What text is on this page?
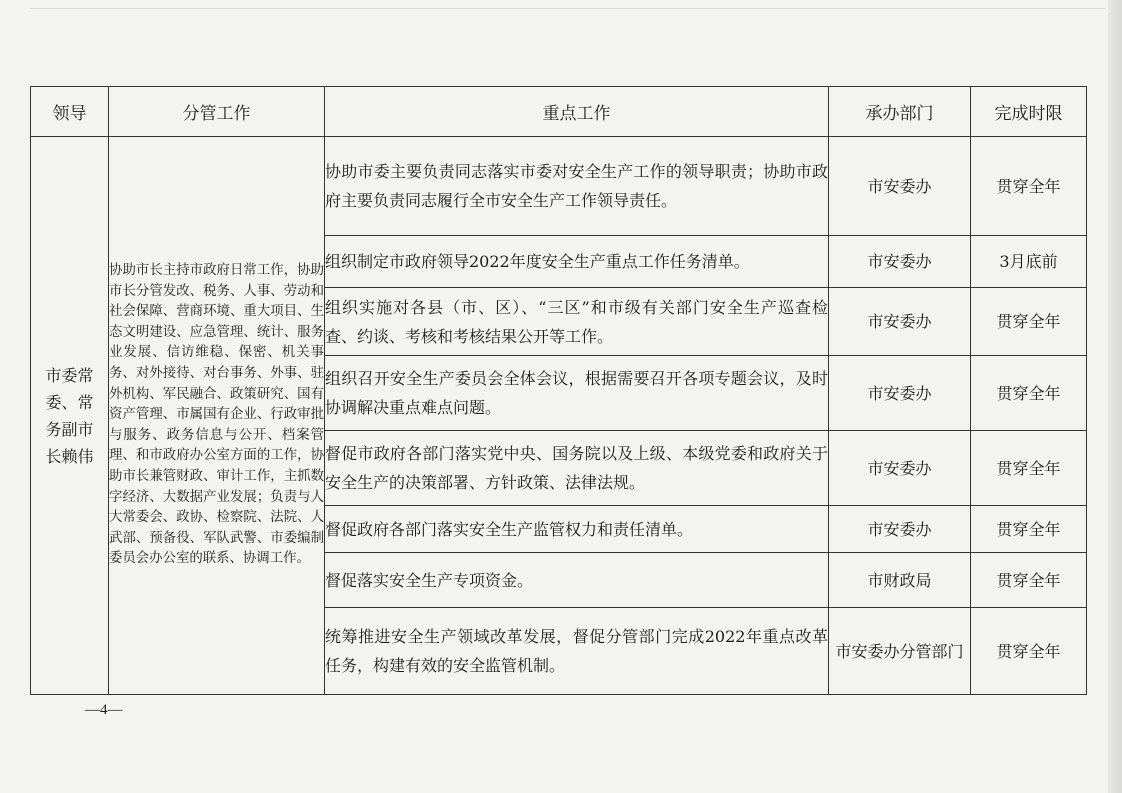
领导	分管工作	重点工作	承办部门	完成时限
市委常委、常务副市长赖伟	协助市长主持市政府日常工作，协助市长分管发改、税务、人事、劳动和社会保障、营商环境、重大项目、生态文明建设、应急管理、统计、服务业发展、信访维稳、保密、机关事务、对外接待、对台事务、外事、驻外机构、军民融合、政策研究、国有资产管理、市属国有企业、行政审批与服务、政务信息与公开、档案管理、和市政府办公室方面的工作，协助市长兼管财政、审计工作，主抓数字经济、大数据产业发展；负责与人大常委会、政协、检察院、法院、人武部、预备役、军队武警、市委编制委员会办公室的联系、协调工作。	协助市委主要负责同志落实市委对安全生产工作的领导职责；协助市政府主要负责同志履行全市安全生产工作领导责任。	市安委办	贯穿全年
		组织制定市政府领导2022年度安全生产重点工作任务清单。	市安委办	3月底前
		组织实施对各县（市、区）、“三区”和市级有关部门安全生产巡查检查、约谈、考核和考核结果公开等工作。	市安委办	贯穿全年
		组织召开安全生产委员会全体会议，根据需要召开各项专题会议，及时协调解决重点难点问题。	市安委办	贯穿全年
		督促市政府各部门落实党中央、国务院以及上级、本级党委和政府关于安全生产的决策部署、方针政策、法律法规。	市安委办	贯穿全年
		督促政府各部门落实安全生产监管权力和责任清单。	市安委办	贯穿全年
		督促落实安全生产专项资金。	市财政局	贯穿全年
		统筹推进安全生产领域改革发展，督促分管部门完成2022年重点改革任务，构建有效的安全监管机制。	市安委办分管部门	贯穿全年
—4—
